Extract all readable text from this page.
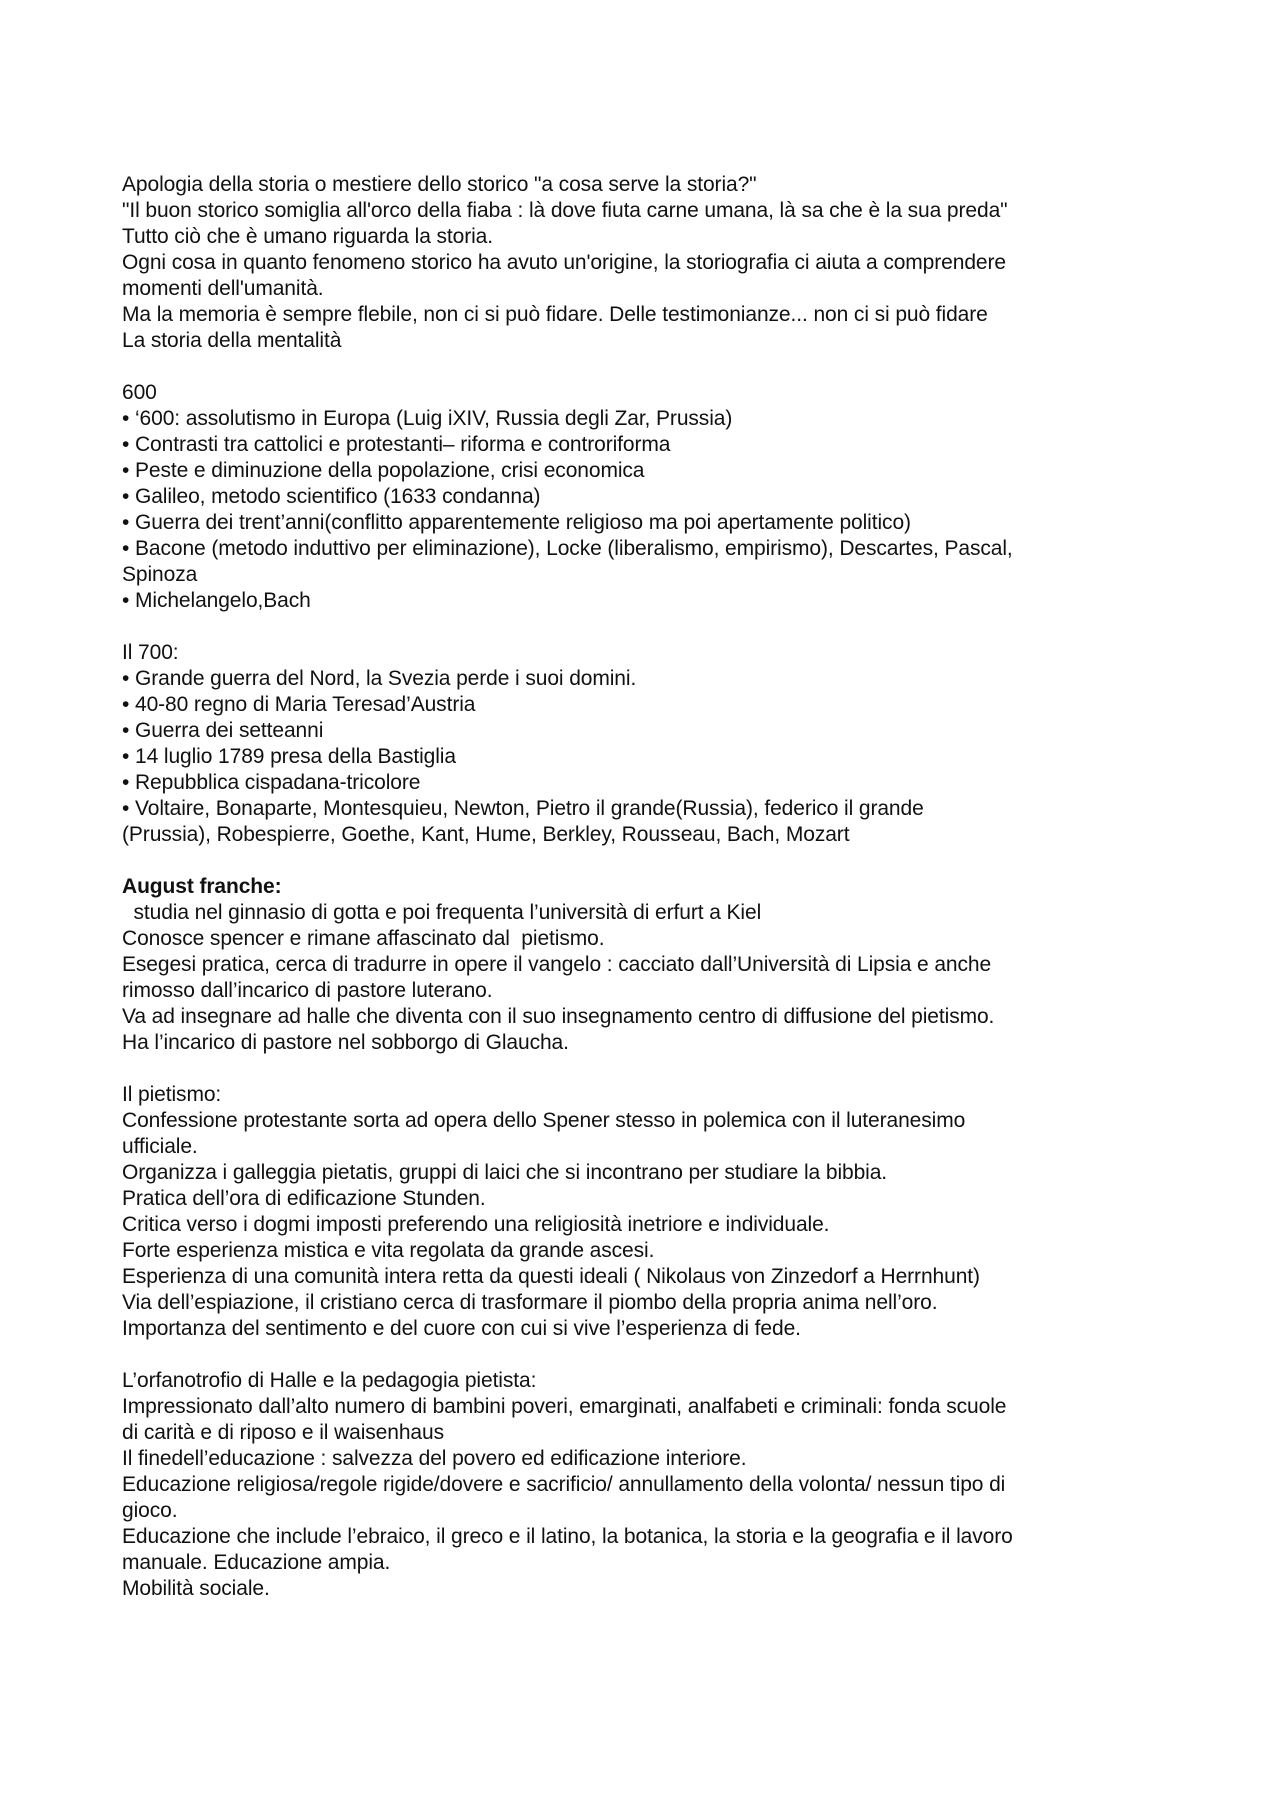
Apologia della storia o mestiere dello storico "a cosa serve la storia?"
"Il buon storico somiglia all'orco della fiaba : là dove fiuta carne umana, là sa che è la sua preda"
Tutto ciò che è umano riguarda la storia.
Ogni cosa in quanto fenomeno storico ha avuto un'origine, la storiografia ci aiuta a comprendere
momenti dell'umanità.
Ma la memoria è sempre flebile, non ci si può fidare. Delle testimonianze... non ci si può fidare
La storia della mentalità
600
• ‘600: assolutismo in Europa (Luig iXIV, Russia degli Zar, Prussia)
• Contrasti tra cattolici e protestanti– riforma e controriforma
• Peste e diminuzione della popolazione, crisi economica
• Galileo, metodo scientifico (1633 condanna)
• Guerra dei trent’anni(conflitto apparentemente religioso ma poi apertamente politico)
• Bacone (metodo induttivo per eliminazione), Locke (liberalismo, empirismo), Descartes, Pascal,
Spinoza
• Michelangelo,Bach
Il 700:
• Grande guerra del Nord, la Svezia perde i suoi domini.
• 40-80 regno di Maria Teresad’Austria
• Guerra dei setteanni
• 14 luglio 1789 presa della Bastiglia
• Repubblica cispadana-tricolore
• Voltaire, Bonaparte, Montesquieu, Newton, Pietro il grande(Russia), federico il grande
(Prussia), Robespierre, Goethe, Kant, Hume, Berkley, Rousseau, Bach, Mozart
August franche:
studia nel ginnasio di gotta e poi frequenta l’università di erfurt a Kiel
Conosce spencer e rimane affascinato dal  pietismo.
Esegesi pratica, cerca di tradurre in opere il vangelo : cacciato dall’Università di Lipsia e anche
rimosso dall’incarico di pastore luterano.
Va ad insegnare ad halle che diventa con il suo insegnamento centro di diffusione del pietismo.
Ha l’incarico di pastore nel sobborgo di Glaucha.
Il pietismo:
Confessione protestante sorta ad opera dello Spener stesso in polemica con il luteranesimo
ufficiale.
Organizza i galleggia pietatis, gruppi di laici che si incontrano per studiare la bibbia.
Pratica dell’ora di edificazione Stunden.
Critica verso i dogmi imposti preferendo una religiosità inetriore e individuale.
Forte esperienza mistica e vita regolata da grande ascesi.
Esperienza di una comunità intera retta da questi ideali ( Nikolaus von Zinzedorf a Herrnhunt)
Via dell’espiazione, il cristiano cerca di trasformare il piombo della propria anima nell’oro.
Importanza del sentimento e del cuore con cui si vive l’esperienza di fede.
L’orfanotrofio di Halle e la pedagogia pietista:
Impressionato dall’alto numero di bambini poveri, emarginati, analfabeti e criminali: fonda scuole
di carità e di riposo e il waisenhaus
Il finedell’educazione : salvezza del povero ed edificazione interiore.
Educazione religiosa/regole rigide/dovere e sacrificio/ annullamento della volonta/ nessun tipo di
gioco.
Educazione che include l’ebraico, il greco e il latino, la botanica, la storia e la geografia e il lavoro
manuale. Educazione ampia.
Mobilità sociale.
